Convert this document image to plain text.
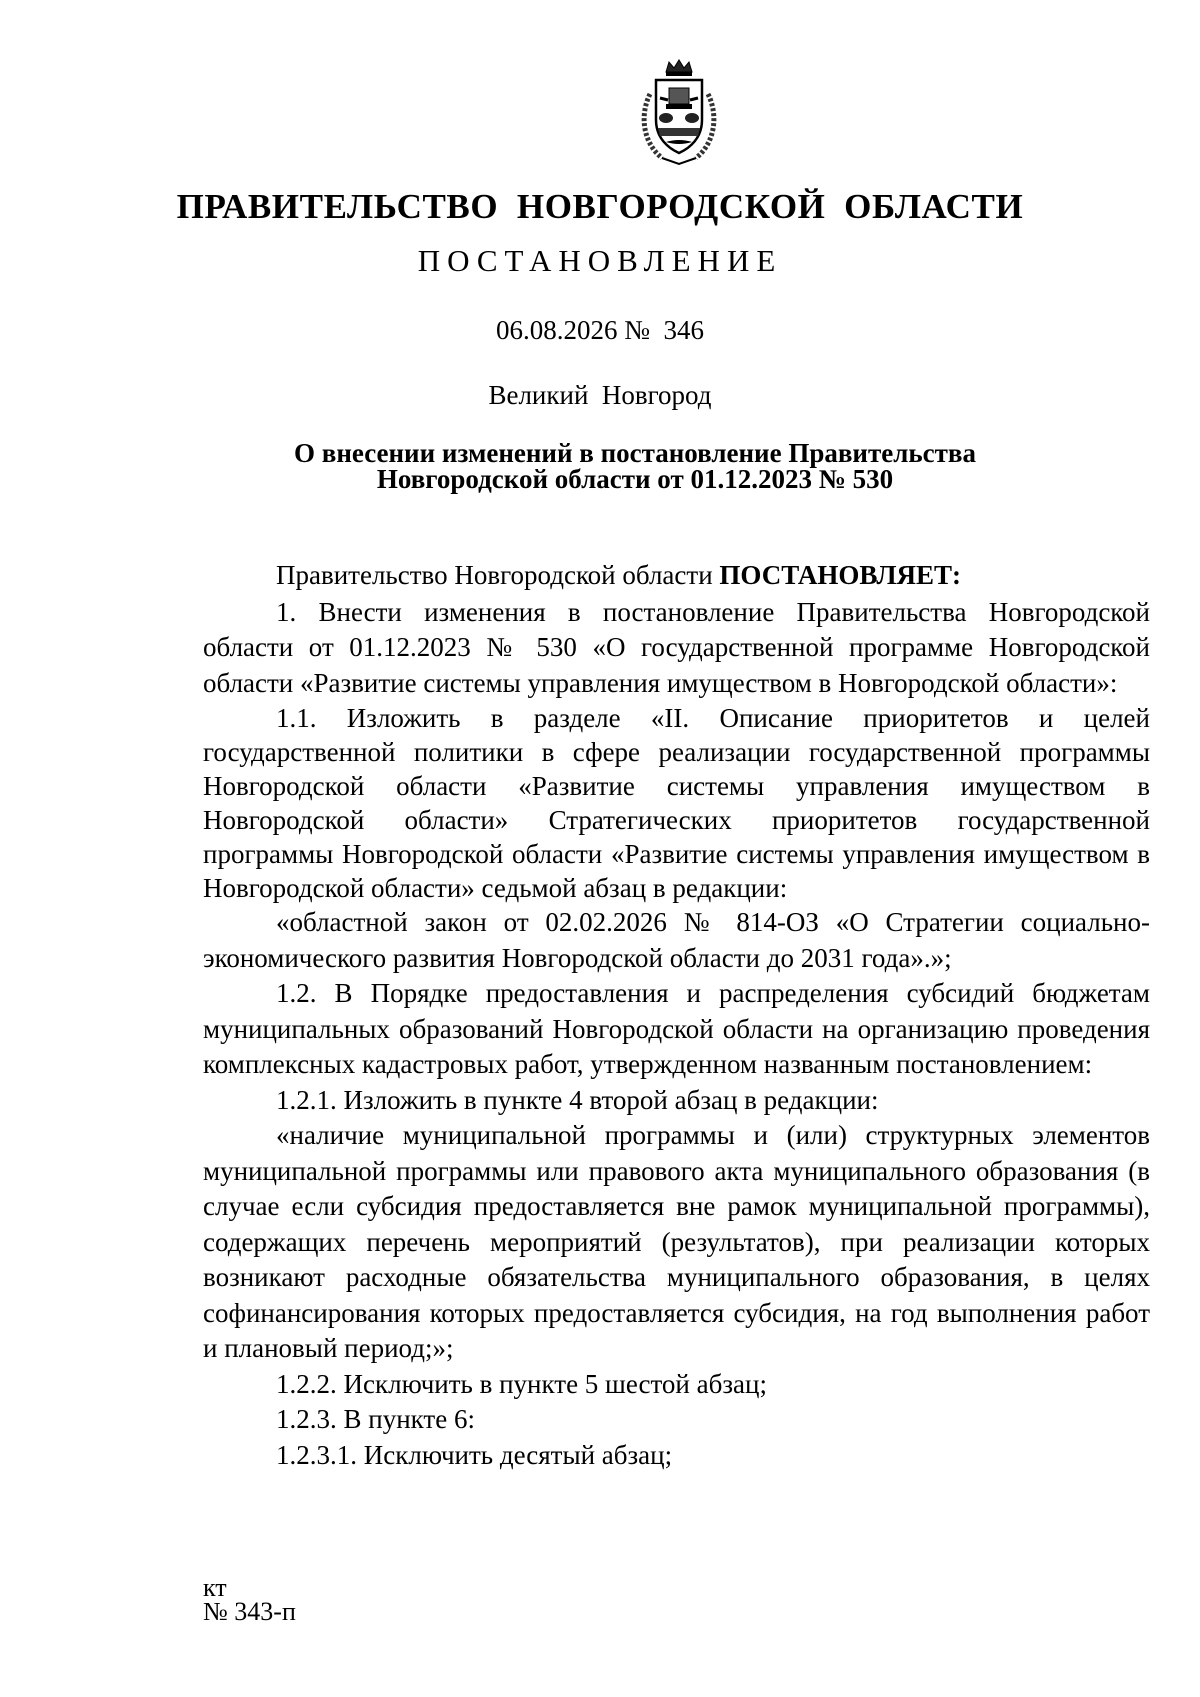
ПРАВИТЕЛЬСТВО  НОВГОРОДСКОЙ  ОБЛАСТИ
ПОСТАНОВЛЕНИЕ
06.08.2026 №  346
Великий  Новгород
О внесении изменений в постановление Правительства
Новгородской области от 01.12.2023 № 530

Правительство Новгородской области ПОСТАНОВЛЯЕТ:

1. Внести изменения в постановление Правительства Новгородской области от 01.12.2023 № 530 «О государственной программе Новгородской области «Развитие системы управления имуществом в Новгородской области»:

1.1. Изложить в разделе «II. Описание приоритетов и целей государственной политики в сфере реализации государственной программы Новгородской области «Развитие системы управления имуществом в Новгородской области» Стратегических приоритетов государственной программы Новгородской области «Развитие системы управления имуществом в Новгородской области» седьмой абзац в редакции:

«областной закон от 02.02.2026 № 814-ОЗ «О Стратегии социально-экономического развития Новгородской области до 2031 года».»;

1.2. В Порядке предоставления и распределения субсидий бюджетам муниципальных образований Новгородской области на организацию проведения комплексных кадастровых работ, утвержденном названным постановлением:

1.2.1. Изложить в пункте 4 второй абзац в редакции:

«наличие муниципальной программы и (или) структурных элементов муниципальной программы или правового акта муниципального образования (в случае если субсидия предоставляется вне рамок муниципальной программы), содержащих перечень мероприятий (результатов), при реализации которых возникают расходные обязательства муниципального образования, в целях софинансирования которых предоставляется субсидия, на год выполнения работ и плановый период;»;

1.2.2. Исключить в пункте 5 шестой абзац;

1.2.3. В пункте 6:

1.2.3.1. Исключить десятый абзац;

кт
№ 343-п
